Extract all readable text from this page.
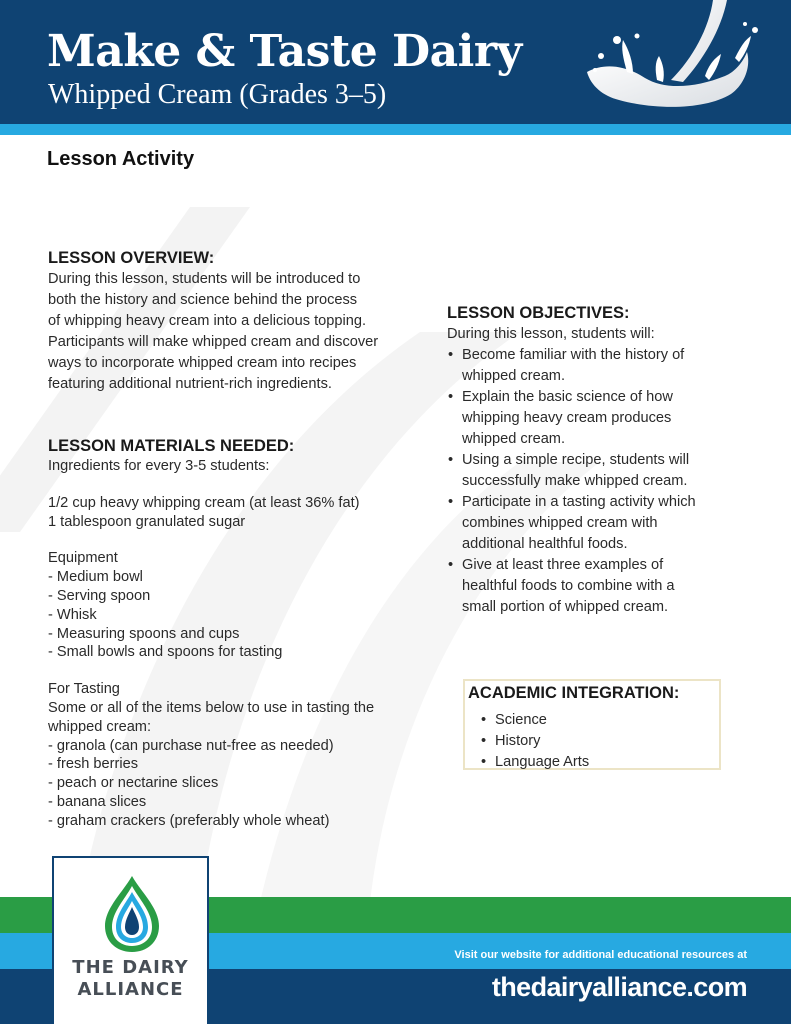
Make & Taste Dairy

Whipped Cream (Grades 3–5)

Lesson Activity
LESSON OVERVIEW:

During this lesson, students will be introduced to

both the history and science behind the process

of whipping heavy cream into a delicious topping.

Participants will make whipped cream and discover

ways to incorporate whipped cream into recipes

featuring additional nutrient-rich ingredients.

LESSON MATERIALS NEEDED:

Ingredients for every 3-5 students:

1/2 cup heavy whipping cream (at least 36% fat)

1 tablespoon granulated sugar

Equipment

- Medium bowl

- Serving spoon

- Whisk

- Measuring spoons and cups

- Small bowls and spoons for tasting

For Tasting

Some or all of the items below to use in tasting the

whipped cream:

- granola (can purchase nut-free as needed)

- fresh berries

- peach or nectarine slices

- banana slices

- graham crackers (preferably whole wheat)

LESSON OBJECTIVES:

During this lesson, students will:

• Become familiar with the history of
whipped cream.
• Explain the basic science of how
whipping heavy cream produces
whipped cream.
• Using a simple recipe, students will
successfully make whipped cream.
• Participate in a tasting activity which
combines whipped cream with
additional healthful foods.
• Give at least three examples of
healthful foods to combine with a
small portion of whipped cream.
ACADEMIC INTEGRATION:
• Science
• History
• Language Arts

Visit our website for additional educational resources at

thedairyalliance.com
THE DAIRY
ALLIANCE
